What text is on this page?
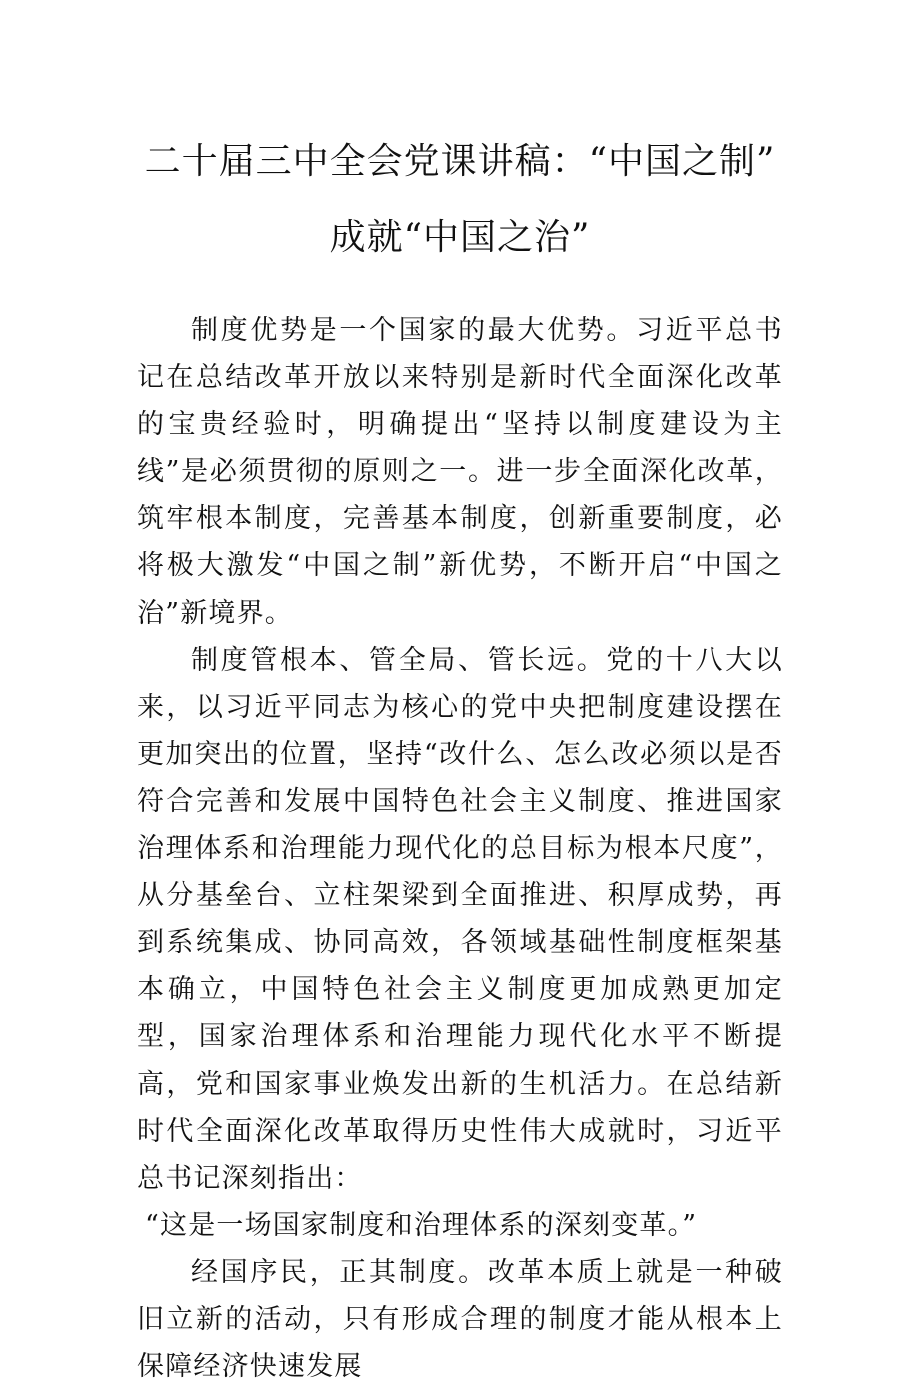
二十届三中全会党课讲稿：“中国之制”
成就“中国之治”

制度优势是一个国家的最大优势。习近平总书记在总结改革开放以来特别是新时代全面深化改革的宝贵经验时，明确提出“坚持以制度建设为主线”是必须贯彻的原则之一。进一步全面深化改革，筑牢根本制度，完善基本制度，创新重要制度，必将极大激发“中国之制”新优势，不断开启“中国之治”新境界。

制度管根本、管全局、管长远。党的十八大以来，以习近平同志为核心的党中央把制度建设摆在更加突出的位置，坚持“改什么、怎么改必须以是否符合完善和发展中国特色社会主义制度、推进国家治理体系和治理能力现代化的总目标为根本尺度”，从分基垒台、立柱架梁到全面推进、积厚成势，再到系统集成、协同高效，各领域基础性制度框架基本确立，中国特色社会主义制度更加成熟更加定型，国家治理体系和治理能力现代化水平不断提高，党和国家事业焕发出新的生机活力。在总结新时代全面深化改革取得历史性伟大成就时，习近平总书记深刻指出：

“这是一场国家制度和治理体系的深刻变革。”

经国序民，正其制度。改革本质上就是一种破旧立新的活动，只有形成合理的制度才能从根本上保障经济快速发展
